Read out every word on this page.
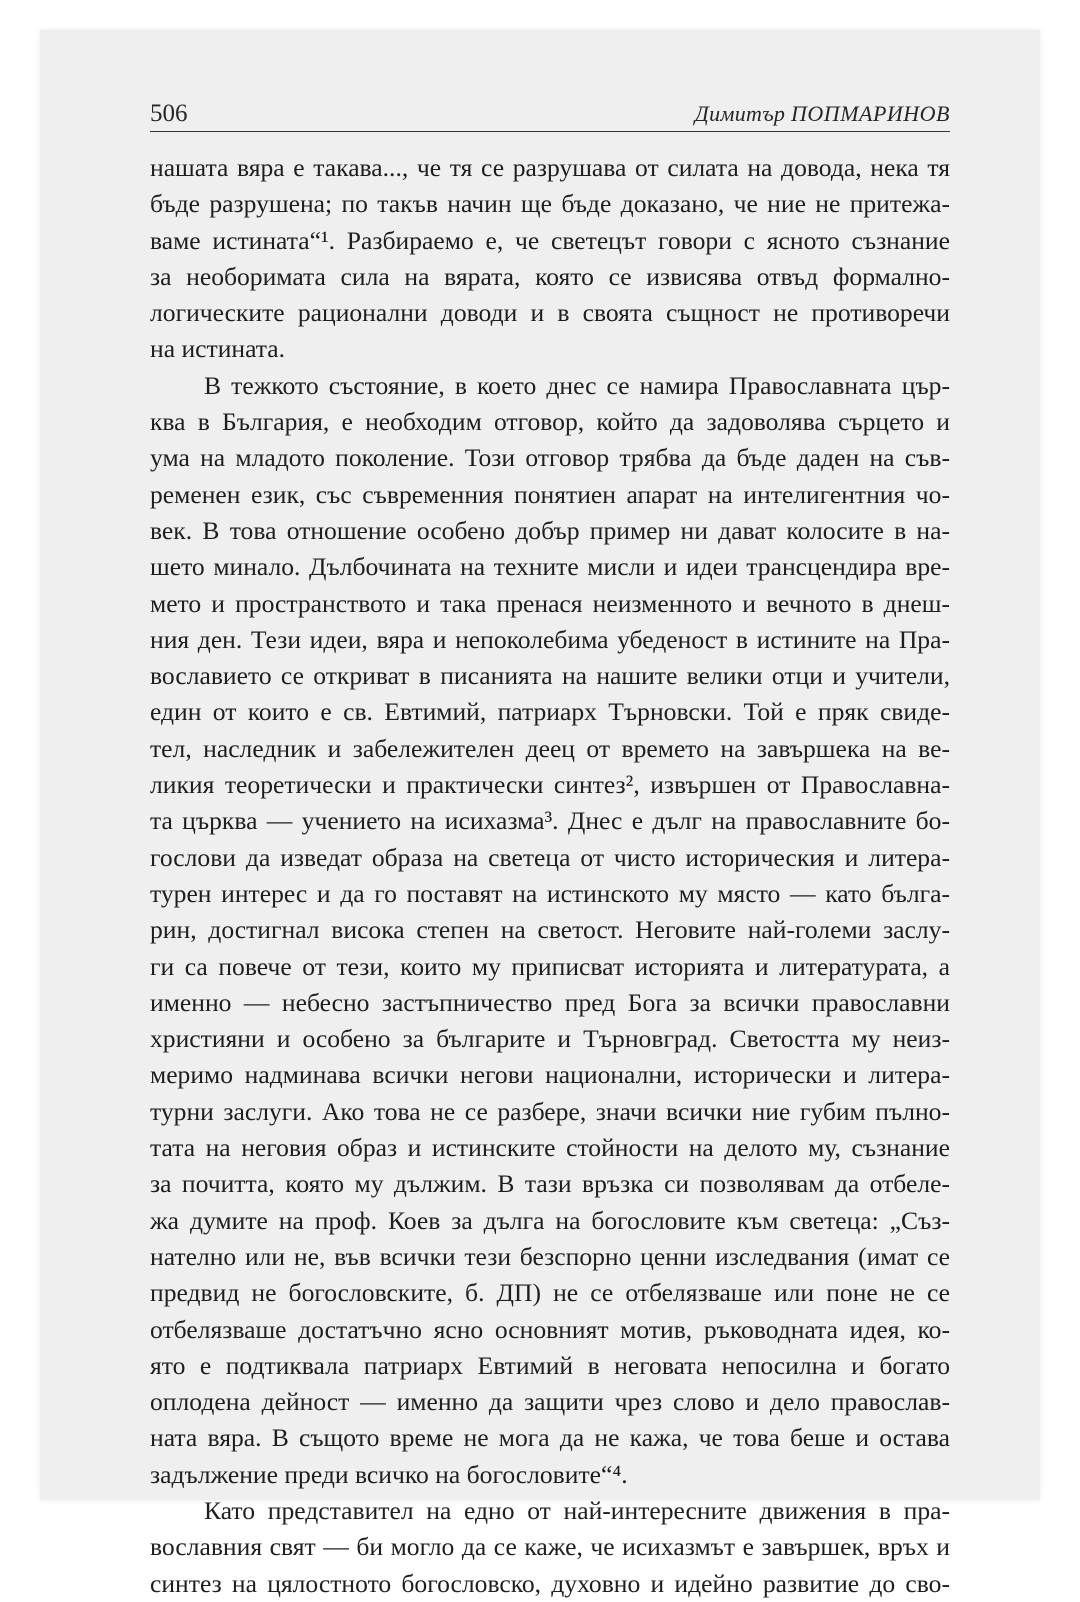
506	Димитър ПОПМАРИНОВ
нашата вяра е такава..., че тя се разрушава от силата на довода, нека тя
бъде разрушена; по такъв начин ще бъде доказано, че ние не притежа-
ваме истината“¹. Разбираемо е, че светецът говори с ясното съзнание
за необоримата сила на вярата, която се извисява отвъд формално-
логическите рационални доводи и в своята същност не противоречи
на истината.
В тежкото състояние, в което днес се намира Православната цър-
ква в България, е необходим отговор, който да задоволява сърцето и
ума на младото поколение. Този отговор трябва да бъде даден на съв-
ременен език, със съвременния понятиен апарат на интелигентния чо-
век. В това отношение особено добър пример ни дават колосите в на-
шето минало. Дълбочината на техните мисли и идеи трансцендира вре-
мето и пространството и така пренася неизменното и вечното в днеш-
ния ден. Тези идеи, вяра и непоколебима убеденост в истините на Пра-
вославието се откриват в писанията на нашите велики отци и учители,
един от които е св. Евтимий, патриарх Търновски. Той е пряк свиде-
тел, наследник и забележителен деец от времето на завършека на ве-
ликия теоретически и практически синтез², извършен от Православна-
та църква — учението на исихазма³. Днес е дълг на православните бо-
гослови да изведат образа на светеца от чисто историческия и литера-
турен интерес и да го поставят на истинското му място — като бълга-
рин, достигнал висока степен на светост. Неговите най-големи заслу-
ги са повече от тези, които му приписват историята и литературата, а
именно — небесно застъпничество пред Бога за всички православни
християни и особено за българите и Търновград. Светостта му неиз-
меримо надминава всички негови национални, исторически и литера-
турни заслуги. Ако това не се разбере, значи всички ние губим пълно-
тата на неговия образ и истинските стойности на делото му, съзнание
за почитта, която му дължим. В тази връзка си позволявам да отбеле-
жа думите на проф. Коев за дълга на богословите към светеца: „Съз-
нателно или не, във всички тези безспорно ценни изследвания (имат се
предвид не богословските, б. ДП) не се отбелязваше или поне не се
отбелязваше достатъчно ясно основният мотив, ръководната идея, ко-
ято е подтиквала патриарх Евтимий в неговата непосилна и богато
оплодена дейност — именно да защити чрез слово и дело православ-
ната вяра. В същото време не мога да не кажа, че това беше и остава
задължение преди всичко на богословите“⁴.
Като представител на едно от най-интересните движения в пра-
вославния свят — би могло да се каже, че исихазмът е завършек, връх и
синтез на цялостното богословско, духовно и идейно развитие до сво-
